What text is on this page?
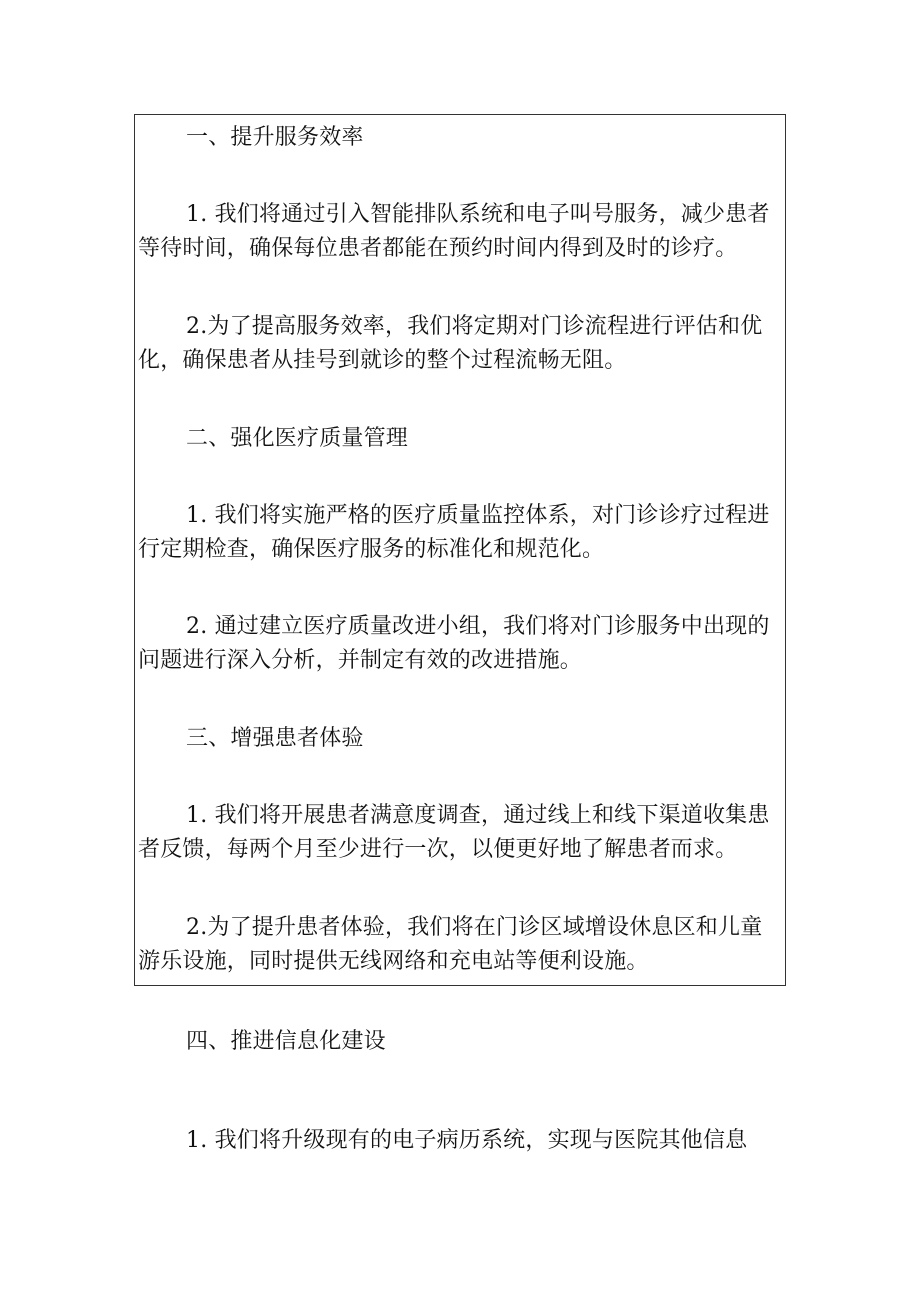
一、提升服务效率
1. 我们将通过引入智能排队系统和电子叫号服务，减少患者
等待时间，确保每位患者都能在预约时间内得到及时的诊疗。
2.为了提高服务效率，我们将定期对门诊流程进行评估和优
化，确保患者从挂号到就诊的整个过程流畅无阻。
二、强化医疗质量管理
1. 我们将实施严格的医疗质量监控体系，对门诊诊疗过程进
行定期检查，确保医疗服务的标准化和规范化。
2. 通过建立医疗质量改进小组，我们将对门诊服务中出现的
问题进行深入分析，并制定有效的改进措施。
三、增强患者体验
1. 我们将开展患者满意度调查，通过线上和线下渠道收集患
者反馈，每两个月至少进行一次，以便更好地了解患者而求。
2.为了提升患者体验，我们将在门诊区域增设休息区和儿童
游乐设施，同时提供无线网络和充电站等便利设施。
四、推进信息化建设
1. 我们将升级现有的电子病历系统，实现与医院其他信息
